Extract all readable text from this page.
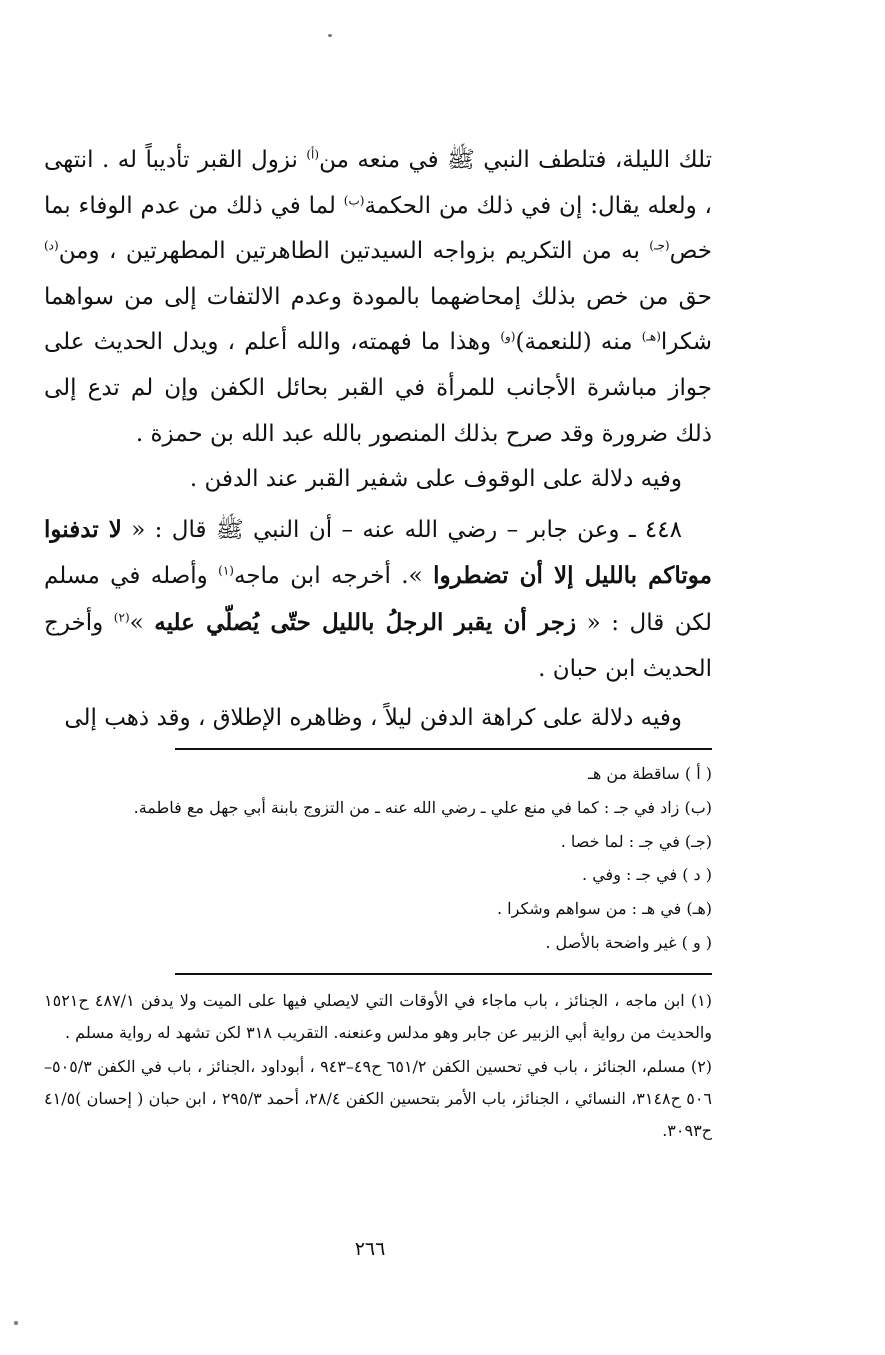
تلك الليلة، فتلطف النبي ﷺ في منعه من$^{(أ)}$ نزول القبر تأدیباً له . انتهى ، ولعله يقال: إن في ذلك من الحكمة$^{(ب)}$ لما في ذلك من عدم الوفاء بما خص$^{(جـ)}$ به من التكريم بزواجه السيدتين الطاهرتين المطهرتين ، ومن$^{(د)}$ حق من خص بذلك إمحاضهما بالمودة وعدم الالتفات إلى من سواهما شكرا$^{(هـ)}$ منه (للنعمة)$^{(و)}$ وهذا ما فهمته، والله أعلم ، ويدل الحديث على جواز مباشرة الأجانب للمرأة في القبر بحائل الكفن وإن لم تدع إلى ذلك ضرورة وقد صرح بذلك المنصور بالله عبد الله بن حمزة .

وفيه دلالة على الوقوف على شفير القبر عند الدفن .

٤٤٨ ـ وعن جابر – رضي الله عنه – أن النبي ﷺ قال : « لا تدفنوا موتاكم بالليل إلا أن تضطروا ». أخرجه ابن ماجه$^{(١)}$ وأصله في مسلم لكن قال : « زجر أن يقبر الرجلُ بالليل حتّى يُصلّي عليه »$^{(٢)}$ وأخرج الحديث ابن حبان .

وفيه دلالة على كراهة الدفن ليلاً ، وظاهره الإطلاق ، وقد ذهب إلى

( أ ) ساقطة من هـ
(ب) زاد في جـ : كما في منع علي ـ رضي الله عنه ـ من التزوج بابنة أبي جهل مع فاطمة.
(جـ) في جـ : لما خصا .
( د ) في جـ : وفي .
(هـ) في هـ : من سواهم وشكرا .
( و ) غير واضحة بالأصل .

(١) ابن ماجه ، الجنائز ، باب ماجاء في الأوقات التي لايصلي فيها على الميت ولا يدفن ٤٨٧/١ ح١٥٢١ والحديث من رواية أبي الزبير عن جابر وهو مدلس وعنعنه. التقريب ٣١٨ لكن تشهد له رواية مسلم .

(٢) مسلم، الجنائز ، باب في تحسين الكفن ٦٥١/٢ ح٤٩–٩٤٣ ، أبوداود ،الجنائز ، باب في الكفن ٥٠٥/٣–٥٠٦ ح٣١٤٨، النسائي ، الجنائز، باب الأمر بتحسين الكفن ٢٨/٤، أحمد ٢٩٥/٣ ، ابن حبان ( إحسان )٤١/٥ ح٣٠٩٣.

٢٦٦
